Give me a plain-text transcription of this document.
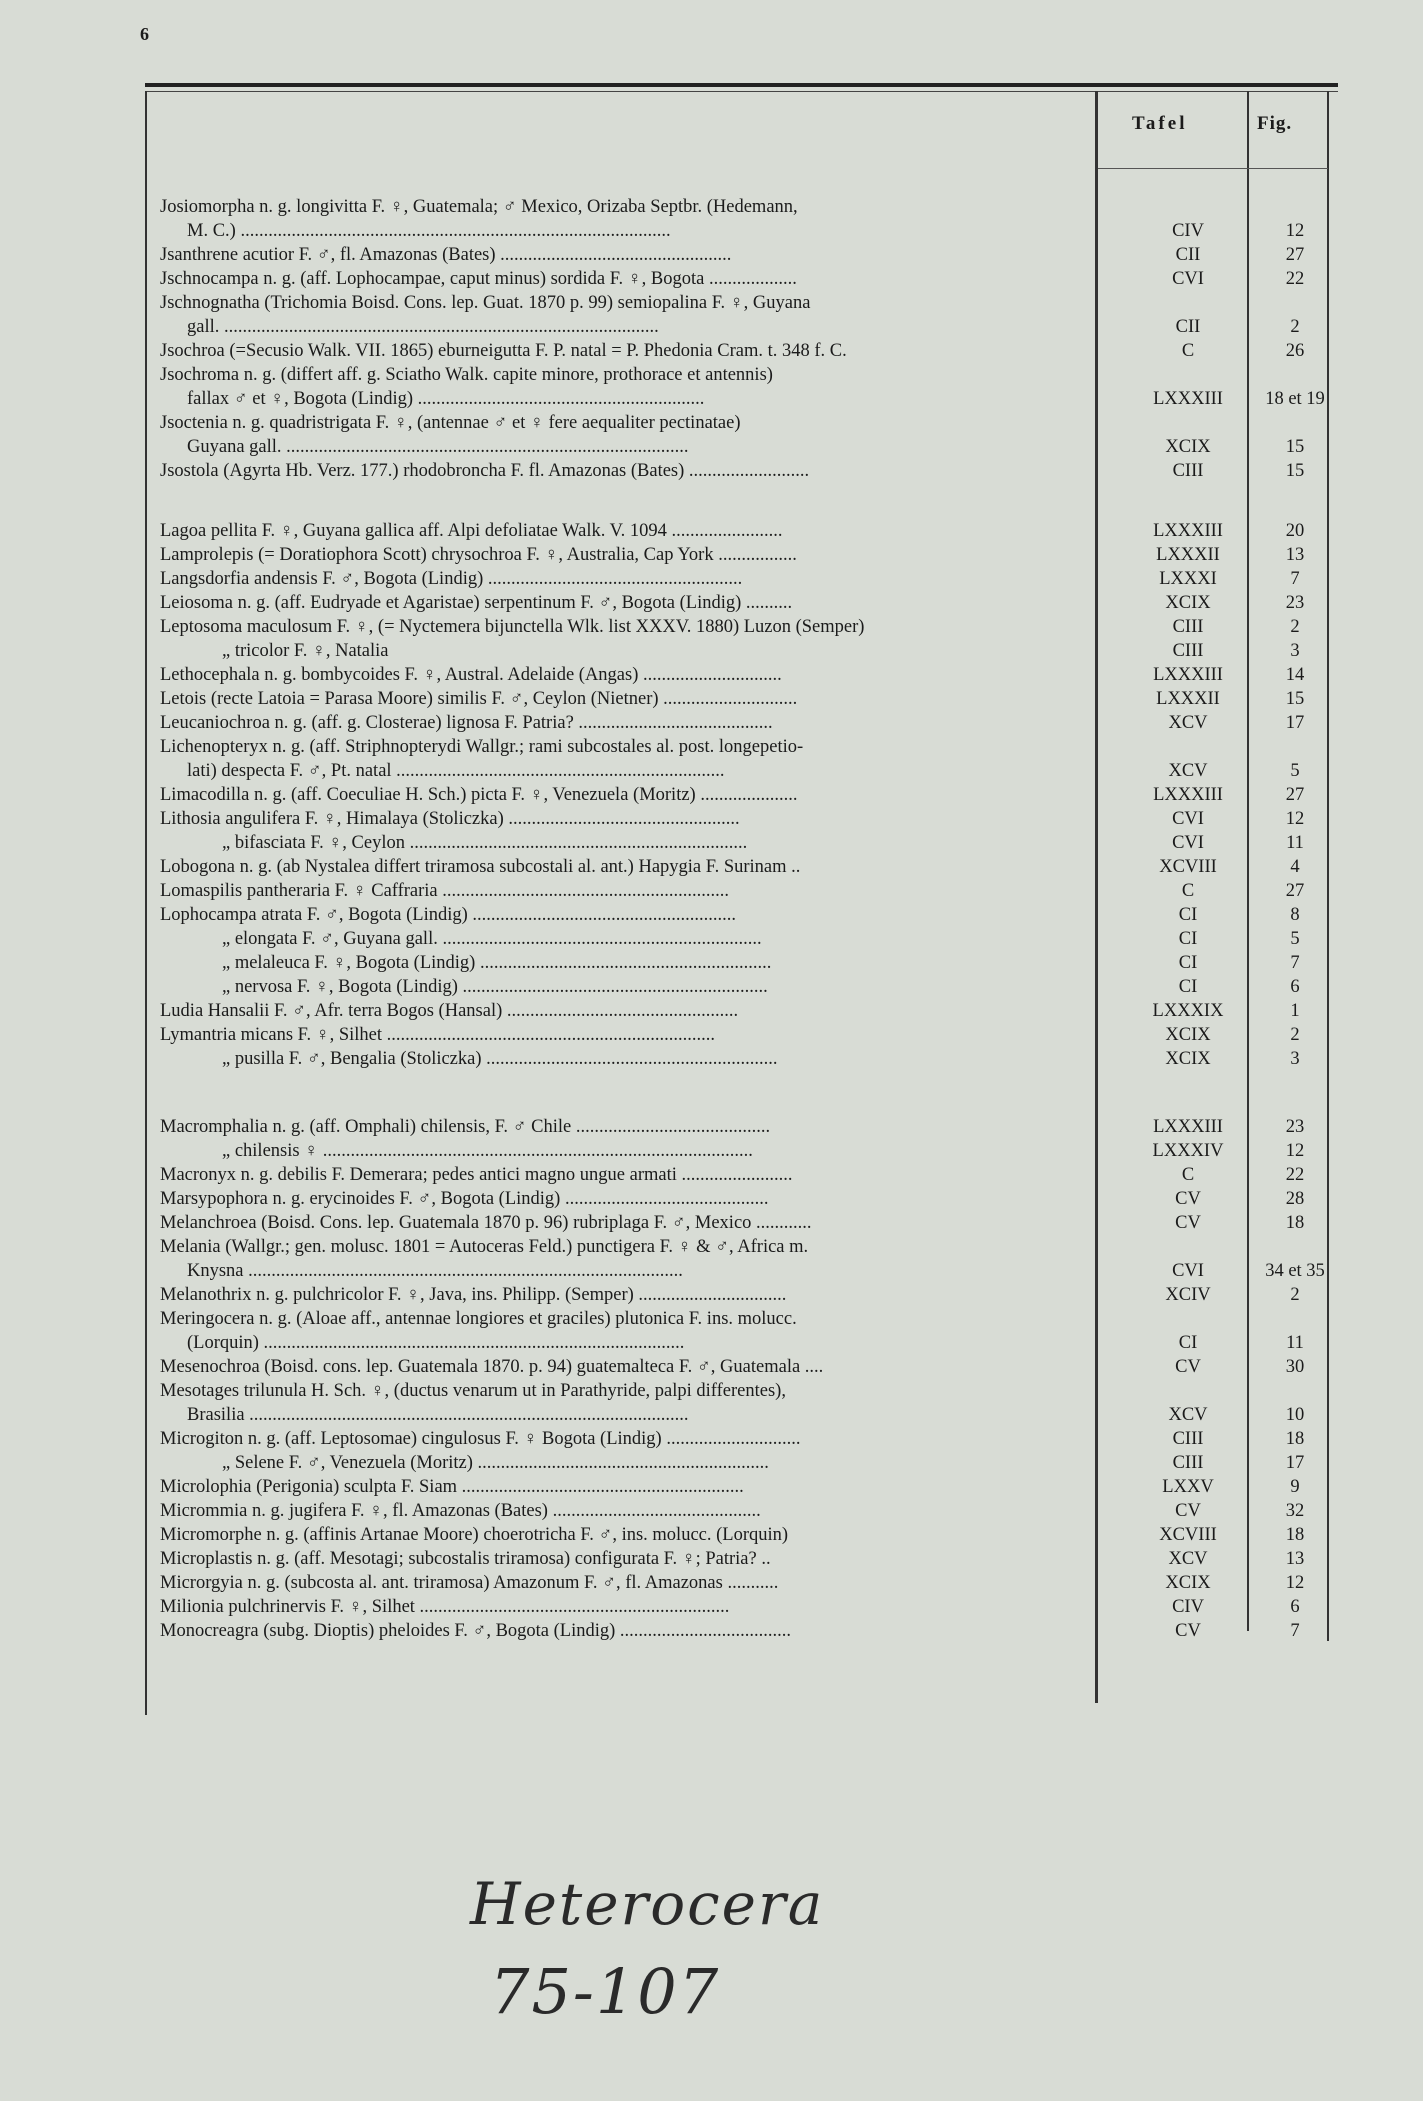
6
Tafel	Fig.
Josiomorpha n. g. longivitta F. ♀, Guatemala; ♂ Mexico, Orizaba Septbr. (Hedemann,
M. C.) .............................................................................................	CIV	12
Jsanthrene acutior F. ♂, fl. Amazonas (Bates) ..................................................	CII	27
Jschnocampa n. g. (aff. Lophocampae, caput minus) sordida F. ♀, Bogota ...................	CVI	22
Jschnognatha (Trichomia Boisd. Cons. lep. Guat. 1870 p. 99) semiopalina F. ♀, Guyana
gall. ..............................................................................................	CII	2
Jsochroa (=Secusio Walk. VII. 1865) eburneigutta F. P. natal = P. Phedonia Cram. t. 348 f. C.	C	26
Jsochroma n. g. (differt aff. g. Sciatho Walk. capite minore, prothorace et antennis)
fallax ♂ et ♀, Bogota (Lindig) ..............................................................	LXXXIII	18 et 19
Jsoctenia n. g. quadristrigata F. ♀, (antennae ♂ et ♀ fere aequaliter pectinatae)
Guyana gall. .......................................................................................	XCIX	15
Jsostola (Agyrta Hb. Verz. 177.) rhodobroncha F. fl. Amazonas (Bates) ..........................	CIII	15
Lagoa pellita F. ♀, Guyana gallica aff. Alpi defoliatae Walk. V. 1094 ........................	LXXXIII	20
Lamprolepis (= Doratiophora Scott) chrysochroa F. ♀, Australia, Cap York .................	LXXXII	13
Langsdorfia andensis F. ♂, Bogota (Lindig) .......................................................	LXXXI	7
Leiosoma n. g. (aff. Eudryade et Agaristae) serpentinum F. ♂, Bogota (Lindig) ..........	XCIX	23
Leptosoma maculosum F. ♀, (= Nyctemera bijunctella Wlk. list XXXV. 1880) Luzon (Semper)	CIII	2
„ tricolor F. ♀, Natalia	CIII	3
Lethocephala n. g. bombycoides F. ♀, Austral. Adelaide (Angas) ..............................	LXXXIII	14
Letois (recte Latoia = Parasa Moore) similis F. ♂, Ceylon (Nietner) .............................	LXXXII	15
Leucaniochroa n. g. (aff. g. Closterae) lignosa F. Patria? ..........................................	XCV	17
Lichenopteryx n. g. (aff. Striphnopterydi Wallgr.; rami subcostales al. post. longepetio-
lati) despecta F. ♂, Pt. natal .......................................................................	XCV	5
Limacodilla n. g. (aff. Coeculiae H. Sch.) picta F. ♀, Venezuela (Moritz) .....................	LXXXIII	27
Lithosia angulifera F. ♀, Himalaya (Stoliczka) ..................................................	CVI	12
„ bifasciata F. ♀, Ceylon .........................................................................	CVI	11
Lobogona n. g. (ab Nystalea differt triramosa subcostali al. ant.) Hapygia F. Surinam ..	XCVIII	4
Lomaspilis pantheraria F. ♀ Caffraria ..............................................................	C	27
Lophocampa atrata F. ♂, Bogota (Lindig) .........................................................	CI	8
„ elongata F. ♂, Guyana gall. .....................................................................	CI	5
„ melaleuca F. ♀, Bogota (Lindig) ...............................................................	CI	7
„ nervosa F. ♀, Bogota (Lindig) ..................................................................	CI	6
Ludia Hansalii F. ♂, Afr. terra Bogos (Hansal) ..................................................	LXXXIX	1
Lymantria micans F. ♀, Silhet .......................................................................	XCIX	2
„ pusilla F. ♂, Bengalia (Stoliczka) ...............................................................	XCIX	3
Macromphalia n. g. (aff. Omphali) chilensis, F. ♂ Chile ..........................................	LXXXIII	23
„ chilensis ♀ .............................................................................................	LXXXIV	12
Macronyx n. g. debilis F. Demerara; pedes antici magno ungue armati ........................	C	22
Marsypophora n. g. erycinoides F. ♂, Bogota (Lindig) ............................................	CV	28
Melanchroea (Boisd. Cons. lep. Guatemala 1870 p. 96) rubriplaga F. ♂, Mexico ............	CV	18
Melania (Wallgr.; gen. molusc. 1801 = Autoceras Feld.) punctigera F. ♀ & ♂, Africa m.
Knysna ..............................................................................................	CVI	34 et 35
Melanothrix n. g. pulchricolor F. ♀, Java, ins. Philipp. (Semper) ................................	XCIV	2
Meringocera n. g. (Aloae aff., antennae longiores et graciles) plutonica F. ins. molucc.
(Lorquin) ...........................................................................................	CI	11
Mesenochroa (Boisd. cons. lep. Guatemala 1870. p. 94) guatemalteca F. ♂, Guatemala ....	CV	30
Mesotages trilunula H. Sch. ♀, (ductus venarum ut in Parathyride, palpi differentes),
Brasilia ...............................................................................................	XCV	10
Microgiton n. g. (aff. Leptosomae) cingulosus F. ♀ Bogota (Lindig) .............................	CIII	18
„ Selene F. ♂, Venezuela (Moritz) ...............................................................	CIII	17
Microlophia (Perigonia) sculpta F. Siam .............................................................	LXXV	9
Micrommia n. g. jugifera F. ♀, fl. Amazonas (Bates) .............................................	CV	32
Micromorphe n. g. (affinis Artanae Moore) choerotricha F. ♂, ins. molucc. (Lorquin)	XCVIII	18
Microplastis n. g. (aff. Mesotagi; subcostalis triramosa) configurata F. ♀; Patria? ..	XCV	13
Microrgyia n. g. (subcosta al. ant. triramosa) Amazonum F. ♂, fl. Amazonas ...........	XCIX	12
Milionia pulchrinervis F. ♀, Silhet ...................................................................	CIV	6
Monocreagra (subg. Dioptis) pheloides F. ♂, Bogota (Lindig) .....................................	CV	7
Heterocera
75-107
